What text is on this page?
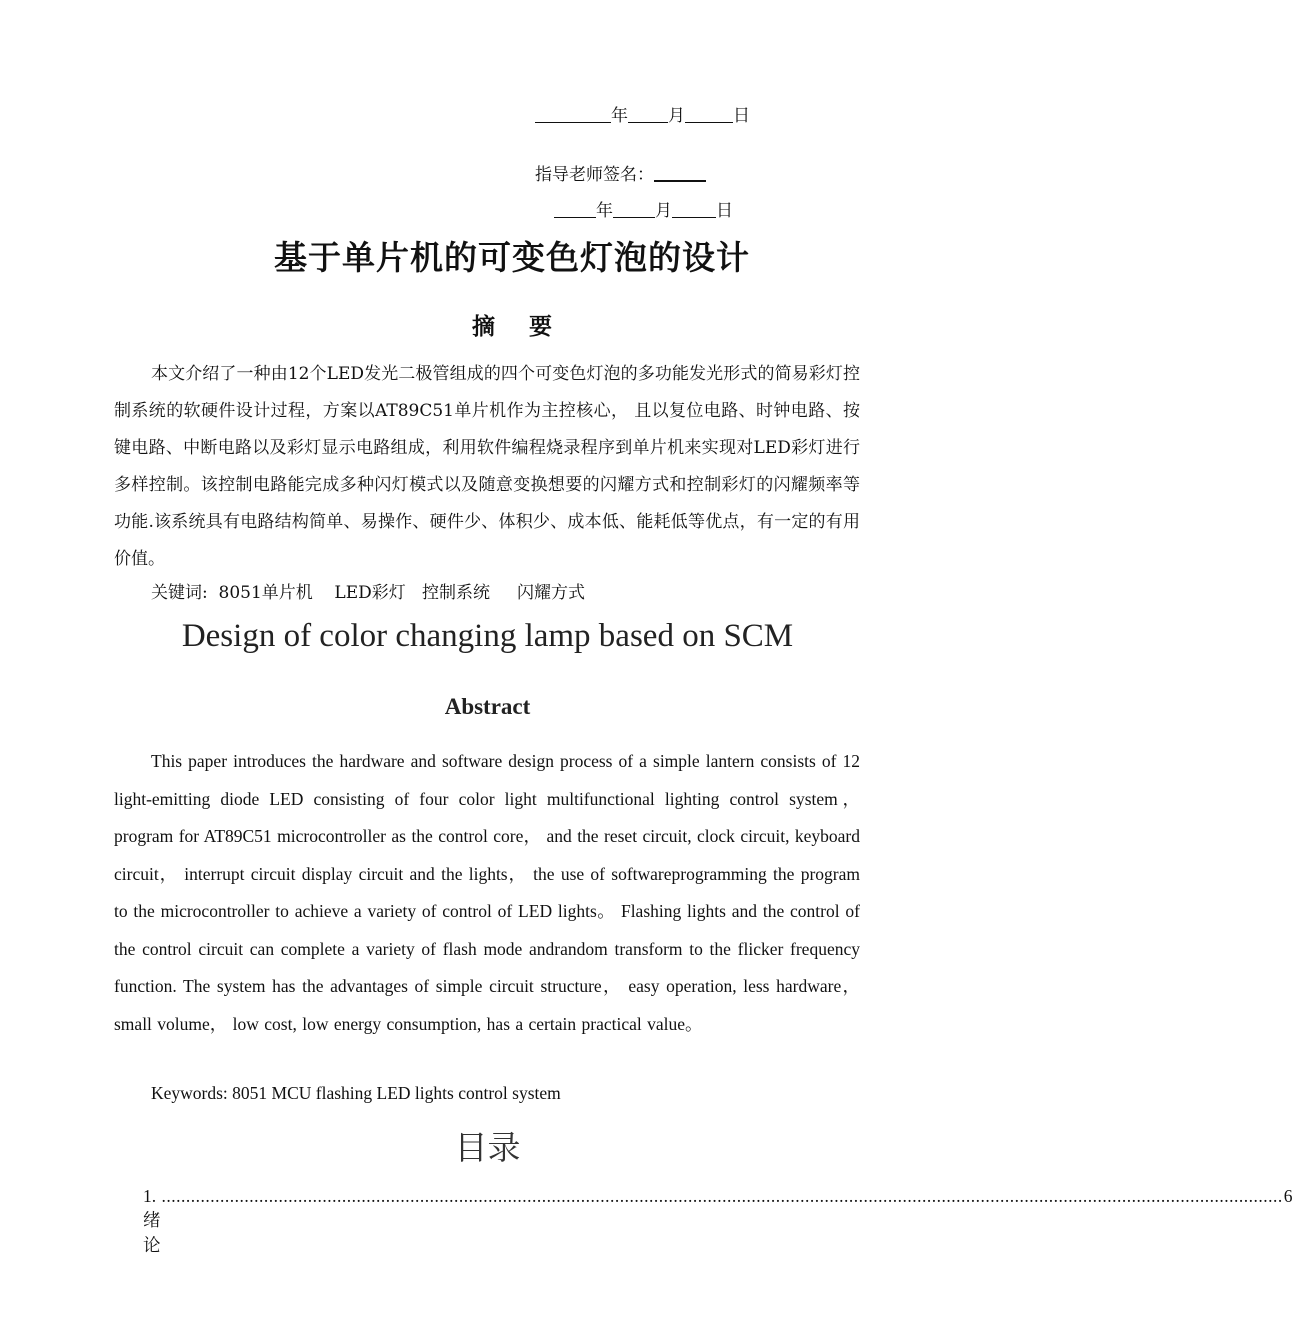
年 月	日
指导老师签名：
年 月	日
基于单片机的可变色灯泡的设计
摘 要

本文介绍了一种由12个LED发光二极管组成的四个可变色灯泡的多功能发光形式的简易彩灯控制系统的软硬件设计过程，方案以AT89C51单片机作为主控核心， 且以复位电路、时钟电路、按键电路、中断电路以及彩灯显示电路组成，利用软件编程烧录程序到单片机来实现对LED彩灯进行多样控制。该控制电路能完成多种闪灯模式以及随意变换想要的闪耀方式和控制彩灯的闪耀频率等功能.该系统具有电路结构简单、易操作、硬件少、体积少、成本低、能耗低等优点，有一定的有用价值。

关键词:  8051单片机    LED彩灯   控制系统     闪耀方式
Design of color changing lamp based on SCM
Abstract

This paper introduces the hardware and software design process of a simple lantern consists of 12 light-emitting diode LED consisting of four color light multifunctional lighting control system， program for AT89C51 microcontroller as the control core， and the reset circuit, clock circuit, keyboard circuit， interrupt circuit display circuit and the lights， the use of softwareprogramming the program to the microcontroller to achieve a variety of control of LED lights。 Flashing lights and the control of the control circuit can complete a variety of flash mode andrandom transform to the flicker frequency function. The system has the advantages of simple circuit structure， easy operation, less hardware， small volume， low cost, low energy consumption, has a certain practical value。

Keywords: 8051 MCU flashing LED lights control system
目录
1. 绪论
...................................................................................................................................................................................................................................... 6
